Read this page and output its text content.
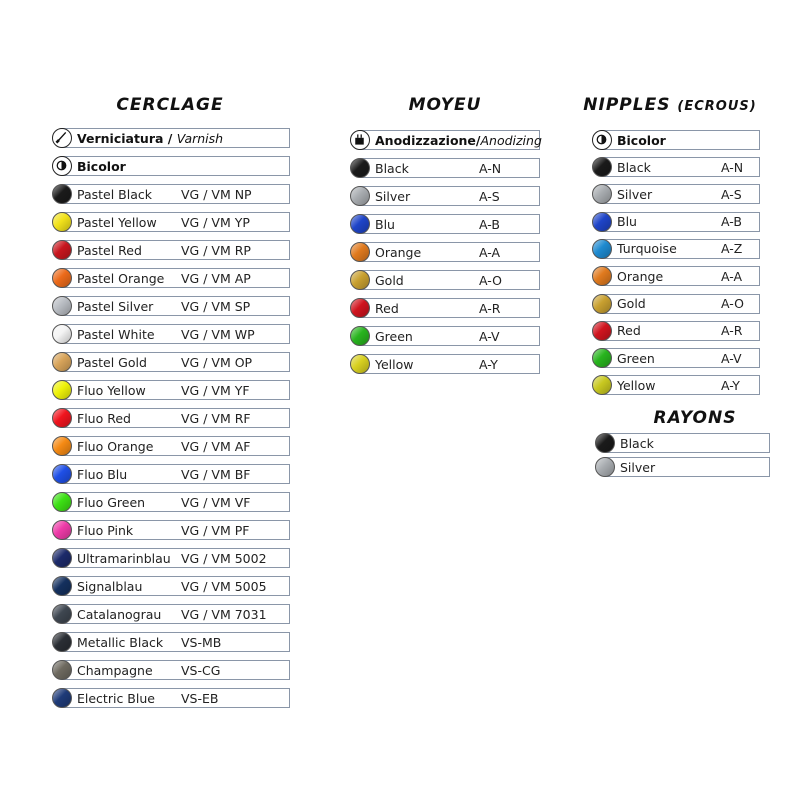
CERCLAGE
Verniciatura / Varnish
Bicolor
Pastel Black VG / VM NP
Pastel Yellow VG / VM YP
Pastel Red	VG / VM RP
Pastel Orange VG / VM AP
Pastel Silver VG / VM SP
Pastel White VG / VM WP
Pastel Gold	VG / VM OP
Fluo Yellow	VG / VM YF
Fluo Red	VG / VM RF
Fluo Orange VG / VM AF
Fluo Blu	VG / VM BF
Fluo Green	VG / VM VF
Fluo Pink	VG / VM PF
Ultramarinblau VG / VM 5002
Signalblau	VG / VM 5005
Catalanograu VG / VM 7031
Metallic Black VS-MB
Champagne VS-CG
Electric Blue VS-EB
MOYEU
Anodizzazione/Anodizing
Black	A-N
Silver	A-S
Blu	A-B
Orange	A-A
Gold	A-O
Red	A-R
Green	A-V
Yellow	A-Y
NIPPLES (ECROUS)
Bicolor
Black	A-N
Silver	A-S
Blu	A-B
Turquoise	A-Z
Orange	A-A
Gold	A-O
Red	A-R
Green	A-V
Yellow	A-Y
RAYONS
Black
Silver
